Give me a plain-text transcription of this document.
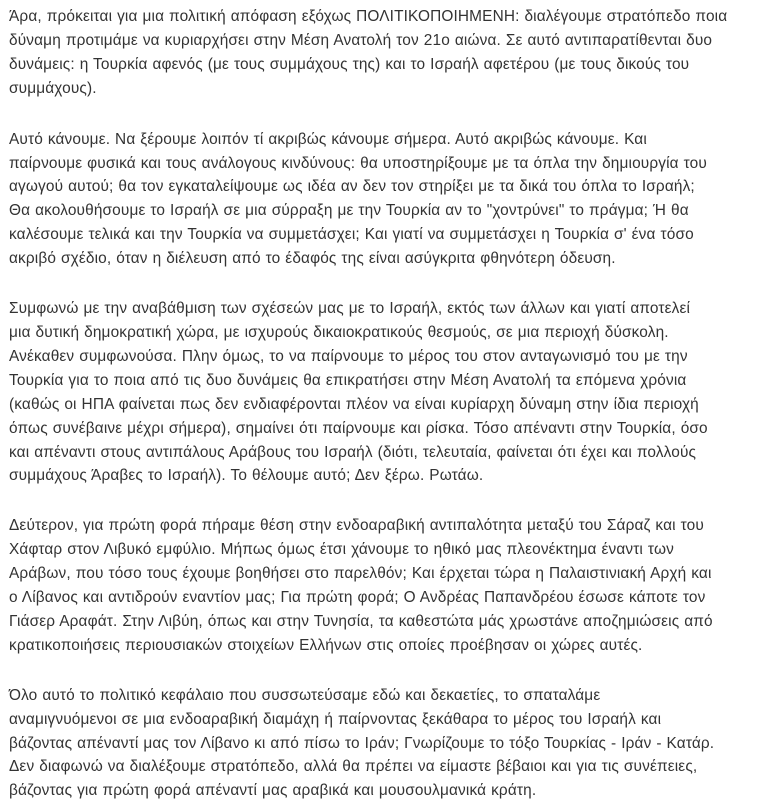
Άρα, πρόκειται για μια πολιτική απόφαση εξόχως ΠΟΛΙΤΙΚΟΠΟΙΗΜΕΝΗ: διαλέγουμε στρατόπεδο ποια
δύναμη προτιμάμε να κυριαρχήσει στην Μέση Ανατολή τον 21ο αιώνα. Σε αυτό αντιπαρατίθενται δυο
δυνάμεις: η Τουρκία αφενός (με τους συμμάχους της) και το Ισραήλ αφετέρου (με τους δικούς του
συμμάχους).

Αυτό κάνουμε. Να ξέρουμε λοιπόν τί ακριβώς κάνουμε σήμερα. Αυτό ακριβώς κάνουμε. Και
παίρνουμε φυσικά και τους ανάλογους κινδύνους: θα υποστηρίξουμε με τα όπλα την δημιουργία του
αγωγού αυτού; θα τον εγκαταλείψουμε ως ιδέα αν δεν τον στηρίξει με τα δικά του όπλα το Ισραήλ;
Θα ακολουθήσουμε το Ισραήλ σε μια σύρραξη με την Τουρκία αν το "χοντρύνει" το πράγμα; Ή θα
καλέσουμε τελικά και την Τουρκία να συμμετάσχει; Και γιατί να συμμετάσχει η Τουρκία σ' ένα τόσο
ακριβό σχέδιο, όταν η διέλευση από το έδαφός της είναι ασύγκριτα φθηνότερη όδευση.

Συμφωνώ με την αναβάθμιση των σχέσεών μας με το Ισραήλ, εκτός των άλλων και γιατί αποτελεί
μια δυτική δημοκρατική χώρα, με ισχυρούς δικαιοκρατικούς θεσμούς, σε μια περιοχή δύσκολη.
Ανέκαθεν συμφωνούσα. Πλην όμως, το να παίρνουμε το μέρος του στον ανταγωνισμό του με την
Τουρκία για το ποια από τις δυο δυνάμεις θα επικρατήσει στην Μέση Ανατολή τα επόμενα χρόνια
(καθώς οι ΗΠΑ φαίνεται πως δεν ενδιαφέρονται πλέον να είναι κυρίαρχη δύναμη στην ίδια περιοχή
όπως συνέβαινε μέχρι σήμερα), σημαίνει ότι παίρνουμε και ρίσκα. Τόσο απέναντι στην Τουρκία, όσο
και απέναντι στους αντιπάλους Αράβους του Ισραήλ (διότι, τελευταία, φαίνεται ότι έχει και πολλούς
συμμάχους Άραβες το Ισραήλ). Το θέλουμε αυτό; Δεν ξέρω. Ρωτάω.

Δεύτερον, για πρώτη φορά πήραμε θέση στην ενδοαραβική αντιπαλότητα μεταξύ του Σάραζ και του
Χάφταρ στον Λιβυκό εμφύλιο. Μήπως όμως έτσι χάνουμε το ηθικό μας πλεονέκτημα έναντι των
Αράβων, που τόσο τους έχουμε βοηθήσει στο παρελθόν; Και έρχεται τώρα η Παλαιστινιακή Αρχή και
ο Λίβανος και αντιδρούν εναντίον μας; Για πρώτη φορά; Ο Ανδρέας Παπανδρέου έσωσε κάποτε τον
Γιάσερ Αραφάτ. Στην Λιβύη, όπως και στην Τυνησία, τα καθεστώτα μάς χρωστάνε αποζημιώσεις από
κρατικοποιήσεις περιουσιακών στοιχείων Ελλήνων στις οποίες προέβησαν οι χώρες αυτές.

Όλο αυτό το πολιτικό κεφάλαιο που συσσωτεύσαμε εδώ και δεκαετίες, το σπαταλάμε
αναμιγνυόμενοι σε μια ενδοαραβική διαμάχη ή παίρνοντας ξεκάθαρα το μέρος του Ισραήλ και
βάζοντας απέναντί μας τον Λίβανο κι από πίσω το Ιράν; Γνωρίζουμε το τόξο Τουρκίας - Ιράν - Κατάρ.
Δεν διαφωνώ να διαλέξουμε στρατόπεδο, αλλά θα πρέπει να είμαστε βέβαιοι και για τις συνέπειες,
βάζοντας για πρώτη φορά απέναντί μας αραβικά και μουσουλμανικά κράτη.
